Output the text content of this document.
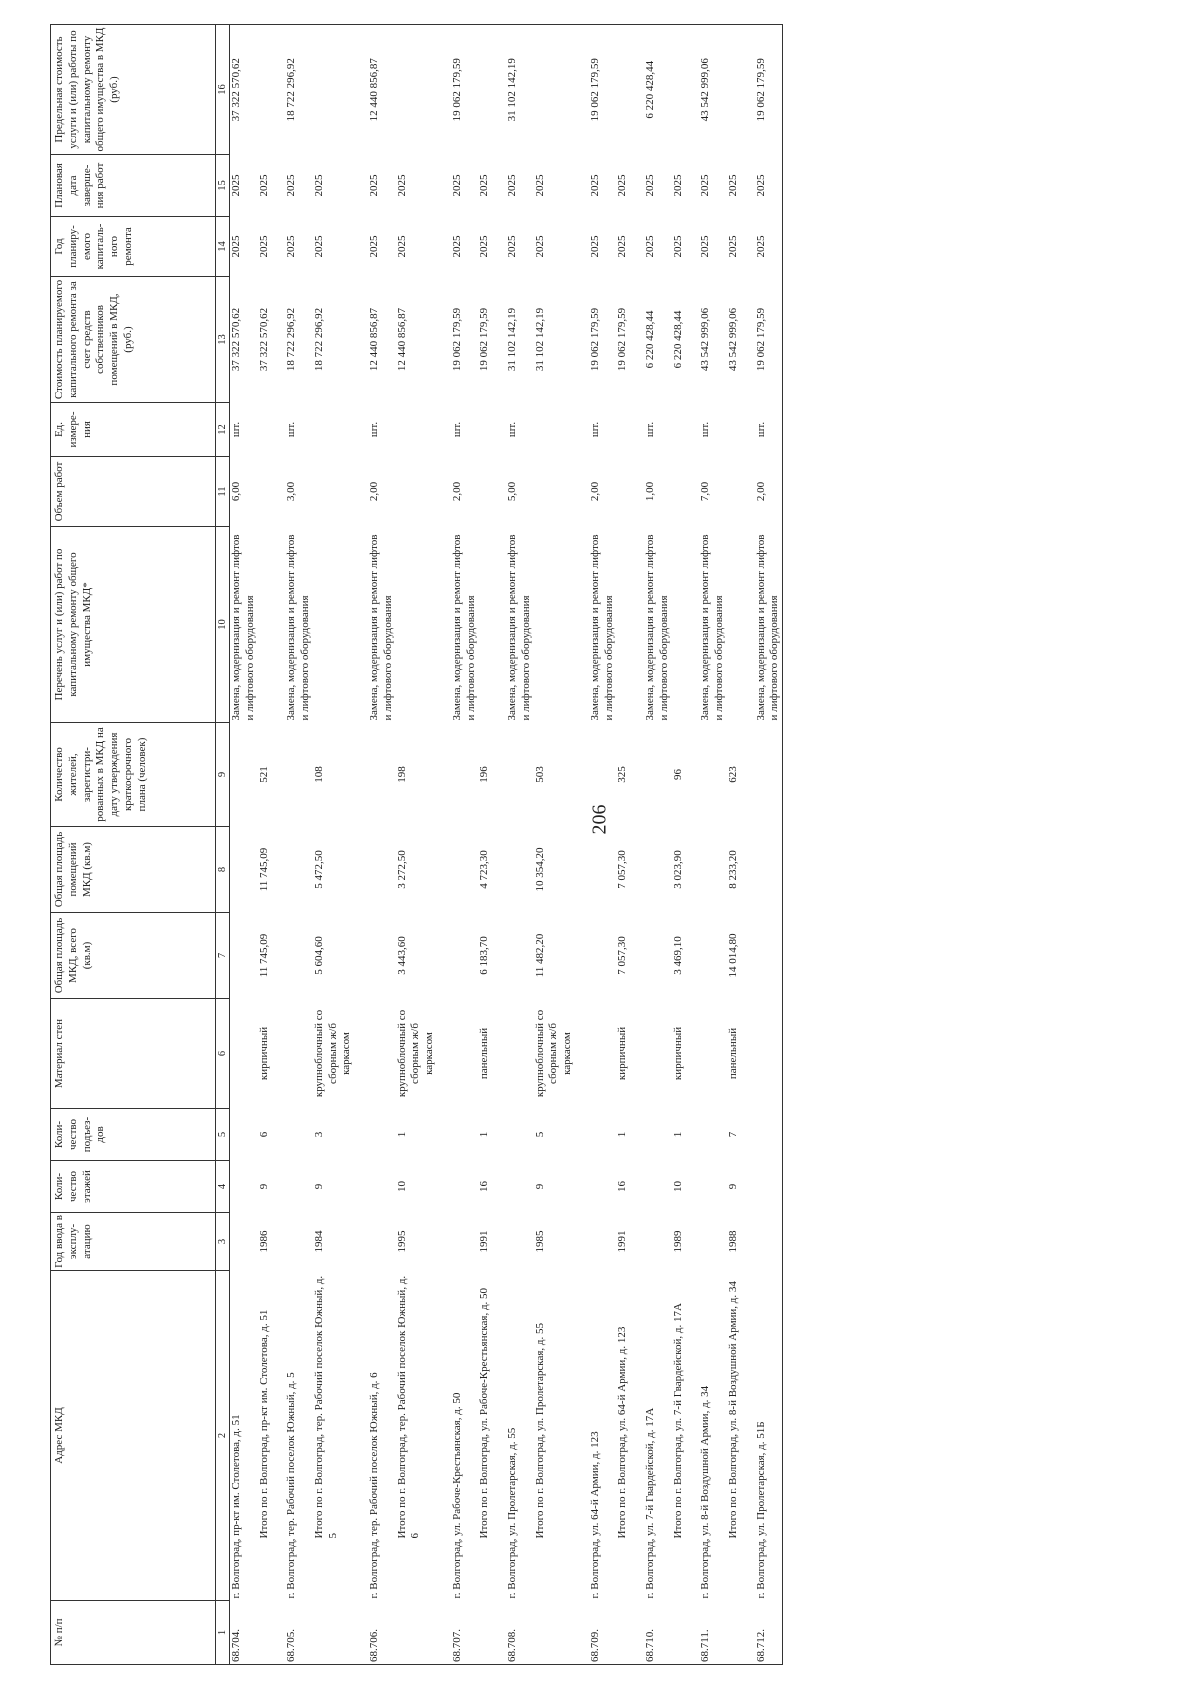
206
№ п/п	Адрес МКД	Год ввода в эксплу-атацию	Коли-чество этажей	Коли-чество подъез-дов	Материал стен	Общая площадь МКД, всего (кв.м)	Общая площадь помещений МКД (кв.м)	Количество жителей, зарегистри-рованных в МКД на дату утверждения краткосрочного плана (человек)	Перечень услуг и (или) работ по капитальному ремонту общего имущества МКД*	Объем работ	Ед. измере-ния	Стоимость планируемого капитального ремонта за счет средств собственников помещений в МКД, (руб.)	Год планиру-емого капиталь-ного ремонта	Плановая дата заверше-ния работ	Предельная стоимость услуги и (или) работы по капитальному ремонту общего имущества в МКД (руб.)
1	2	3	4	5	6	7	8	9	10	11	12	13	14	15	16
68.704.	г. Волгоград, пр-кт им. Столетова, д. 51								Замена, модернизация и ремонт лифтов и лифтового оборудования	6,00	шт.	37 322 570,62	2025	2025	37 322 570,62
	Итого по г. Волгоград, пр-кт им. Столетова, д. 51	1986	9	6	кирпичный	11 745,09	11 745,09	521				37 322 570,62	2025	2025	

68.705.	г. Волгоград, тер. Рабочий поселок Южный, д. 5								Замена, модернизация и ремонт лифтов и лифтового оборудования	3,00	шт.	18 722 296,92	2025	2025	18 722 296,92
	Итого по г. Волгоград, тер. Рабочий поселок Южный, д. 5	1984	9	3	крупноблочный со сборным ж/б каркасом	5 604,60	5 472,50	108				18 722 296,92	2025	2025	

68.706.	г. Волгоград, тер. Рабочий поселок Южный, д. 6								Замена, модернизация и ремонт лифтов и лифтового оборудования	2,00	шт.	12 440 856,87	2025	2025	12 440 856,87
	Итого по г. Волгоград, тер. Рабочий поселок Южный, д. 6	1995	10	1	крупноблочный со сборным ж/б каркасом	3 443,60	3 272,50	198				12 440 856,87	2025	2025	

68.707.	г. Волгоград, ул. Рабоче-Крестьянская, д. 50								Замена, модернизация и ремонт лифтов и лифтового оборудования	2,00	шт.	19 062 179,59	2025	2025	19 062 179,59
	Итого по г. Волгоград, ул. Рабоче-Крестьянская, д. 50	1991	16	1	панельный	6 183,70	4 723,30	196				19 062 179,59	2025	2025	

68.708.	г. Волгоград, ул. Пролетарская, д. 55								Замена, модернизация и ремонт лифтов и лифтового оборудования	5,00	шт.	31 102 142,19	2025	2025	31 102 142,19
	Итого по г. Волгоград, ул. Пролетарская, д. 55	1985	9	5	крупноблочный со сборным ж/б каркасом	11 482,20	10 354,20	503				31 102 142,19	2025	2025	

68.709.	г. Волгоград, ул. 64-й Армии, д. 123								Замена, модернизация и ремонт лифтов и лифтового оборудования	2,00	шт.	19 062 179,59	2025	2025	19 062 179,59
	Итого по г. Волгоград, ул. 64-й Армии, д. 123	1991	16	1	кирпичный	7 057,30	7 057,30	325				19 062 179,59	2025	2025	

68.710.	г. Волгоград, ул. 7-й Гвардейской, д. 17А								Замена, модернизация и ремонт лифтов и лифтового оборудования	1,00	шт.	6 220 428,44	2025	2025	6 220 428,44
	Итого по г. Волгоград, ул. 7-й Гвардейской, д. 17А	1989	10	1	кирпичный	3 469,10	3 023,90	96				6 220 428,44	2025	2025	

68.711.	г. Волгоград, ул. 8-й Воздушной Армии, д. 34								Замена, модернизация и ремонт лифтов и лифтового оборудования	7,00	шт.	43 542 999,06	2025	2025	43 542 999,06
	Итого по г. Волгоград, ул. 8-й Воздушной Армии, д. 34	1988	9	7	панельный	14 014,80	8 233,20	623				43 542 999,06	2025	2025	

68.712.	г. Волгоград, ул. Пролетарская, д. 51Б								Замена, модернизация и ремонт лифтов и лифтового оборудования	2,00	шт.	19 062 179,59	2025	2025	19 062 179,59
